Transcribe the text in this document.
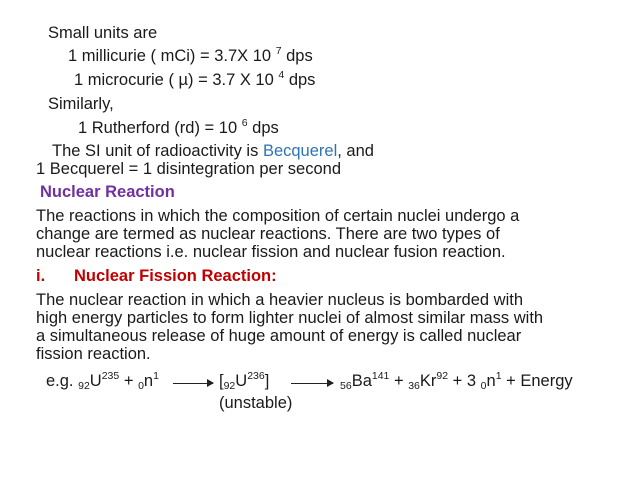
Small units are
1 millicurie ( mCi) = 3.7X 10 $^7$ dps
1 microcurie ( µ) = 3.7 X 10 $^4$ dps
Similarly,
1 Rutherford (rd) = 10 $^6$ dps
The SI unit of radioactivity is Becquerel, and
1 Becquerel = 1 disintegration per second
Nuclear Reaction
The reactions in which the composition of certain nuclei undergo a
change are termed as nuclear reactions. There are two types of
nuclear reactions i.e. nuclear fission and nuclear fusion reaction.
i. Nuclear Fission Reaction:
The nuclear reaction in which a heavier nucleus is bombarded with
high energy particles to form lighter nuclei of almost similar mass with
a simultaneous release of huge amount of energy is called nuclear
fission reaction.
e.g. $_{92}U^{235} + _0n^1 \to [_{92}U^{236}] \to _{56}Ba^{141} + _{36}Kr^{92} + 3$ $_0n^1$ + Energy
(unstable)
